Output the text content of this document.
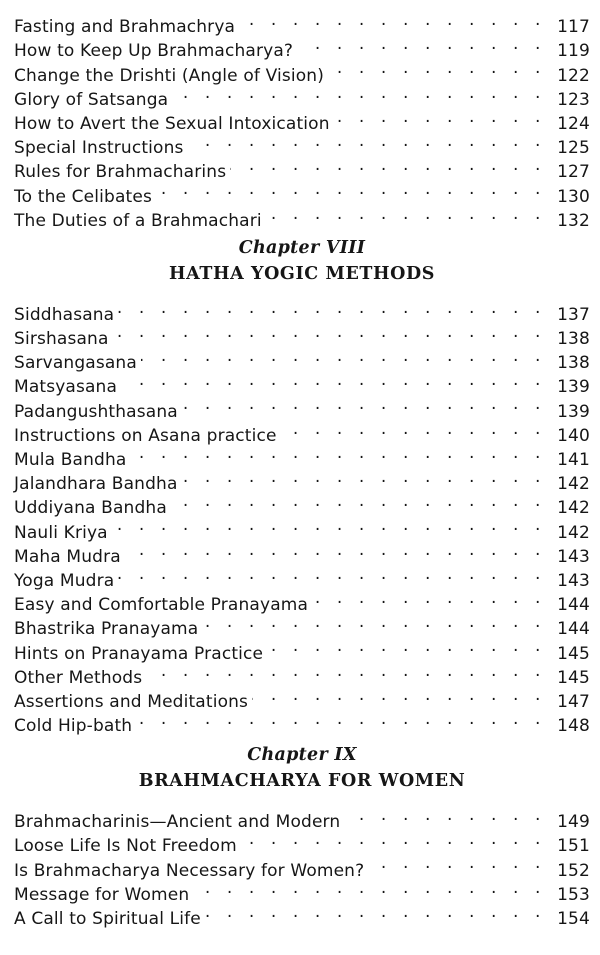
Fasting and Brahmachrya . . .	117
How to Keep Up Brahmacharya? . . .	119
Change the Drishti (Angle of Vision) . . .	122
Glory of Satsanga . . .	123
How to Avert the Sexual Intoxication . . .	124
Special Instructions . . .	125
Rules for Brahmacharins . . .	127
To the Celibates . . .	130
The Duties of a Brahmachari . . .	132
Chapter VIII
HATHA YOGIC METHODS
Siddhasana . . .	137
Sirshasana . . .	138
Sarvangasana . . .	138
Matsyasana . . .	139
Padangushthasana . . .	139
Instructions on Asana practice . . .	140
Mula Bandha . . .	141
Jalandhara Bandha . . .	142
Uddiyana Bandha . . .	142
Nauli Kriya . . .	142
Maha Mudra . . .	143
Yoga Mudra . . .	143
Easy and Comfortable Pranayama . . .	144
Bhastrika Pranayama . . .	144
Hints on Pranayama Practice . . .	145
Other Methods . . .	145
Assertions and Meditations . . .	147
Cold Hip-bath . . .	148
Chapter IX
BRAHMACHARYA FOR WOMEN
Brahmacharinis—Ancient and Modern . . .	149
Loose Life Is Not Freedom . . .	151
Is Brahmacharya Necessary for Women? . . .	152
Message for Women . . .	153
A Call to Spiritual Life . . .	154
